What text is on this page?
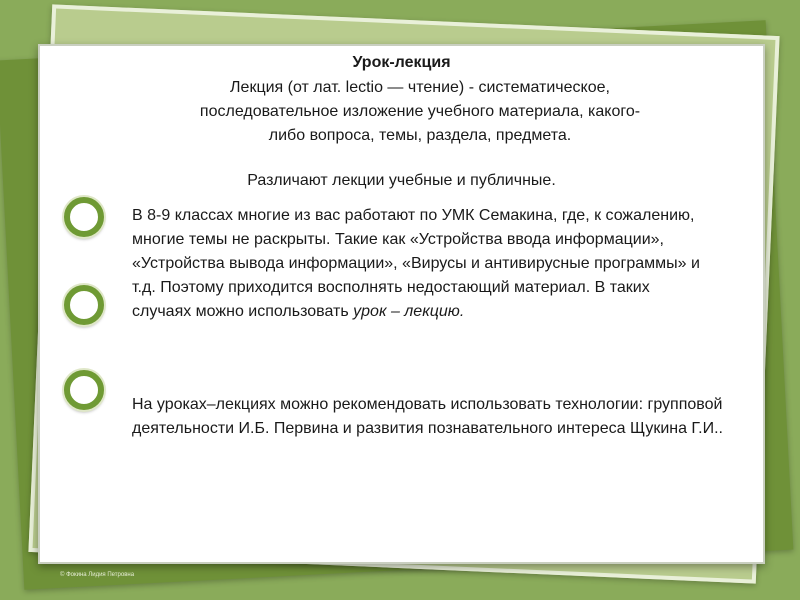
Урок-лекция
Лекция (от лат. lectio — чтение) - систематическое,
последовательное изложение учебного материала, какого-
либо вопроса, темы, раздела, предмета.
Различают лекции учебные и публичные.
В 8-9 классах многие из вас работают по УМК Семакина, где, к сожалению, многие темы не раскрыты. Такие как «Устройства ввода информации», «Устройства вывода информации», «Вирусы и антивирусные программы» и т.д. Поэтому приходится восполнять недостающий материал. В таких случаях можно использовать урок – лекцию.
На уроках–лекциях можно рекомендовать использовать технологии: групповой деятельности И.Б. Первина и развития познавательного интереса Щукина Г.И..
© Фокина Лидия Петровна
